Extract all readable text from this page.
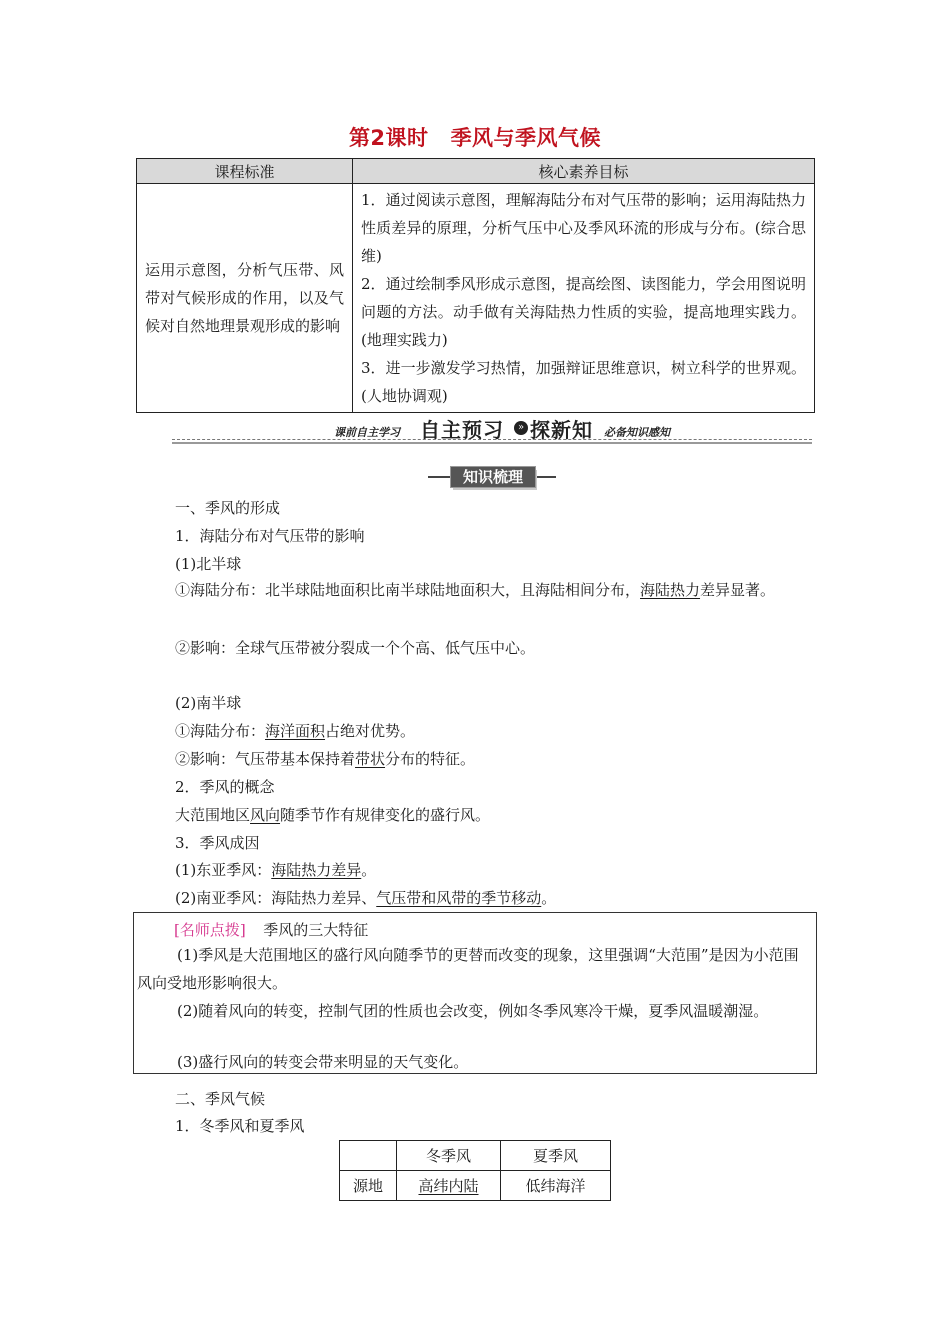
第2课时 季风与季风气候
课程标准	核心素养目标
运用示意图，分析气压带、风带对气候形成的作用，以及气候对自然地理景观形成的影响	1．通过阅读示意图，理解海陆分布对气压带的影响；运用海陆热力性质差异的原理，分析气压中心及季风环流的形成与分布。(综合思维)
2．通过绘制季风形成示意图，提高绘图、读图能力，学会用图说明问题的方法。动手做有关海陆热力性质的实验，提高地理实践力。(地理实践力)
3．进一步激发学习热情，加强辩证思维意识，树立科学的世界观。(人地协调观)
课前自主学习 自主预习	» 探新知 必备知识感知
知识梳理
一、季风的形成
1．海陆分布对气压带的影响
(1)北半球
①海陆分布：北半球陆地面积比南半球陆地面积大，且海陆相间分布，海陆热力差异显著。
②影响：全球气压带被分裂成一个个高、低气压中心。
(2)南半球
①海陆分布：海洋面积占绝对优势。
②影响：气压带基本保持着带状分布的特征。
2．季风的概念
大范围地区风向随季节作有规律变化的盛行风。
3．季风成因
(1)东亚季风：海陆热力差异。
(2)南亚季风：海陆热力差异、气压带和风带的季节移动。
[名师点拨] 季风的三大特征
(1)季风是大范围地区的盛行风向随季节的更替而改变的现象，这里强调“大范围”是因为小范围风向受地形影响很大。
(2)随着风向的转变，控制气团的性质也会改变，例如冬季风寒冷干燥，夏季风温暖潮湿。
(3)盛行风向的转变会带来明显的天气变化。
二、季风气候
1．冬季风和夏季风
	冬季风	夏季风
源地	高纬内陆	低纬海洋
